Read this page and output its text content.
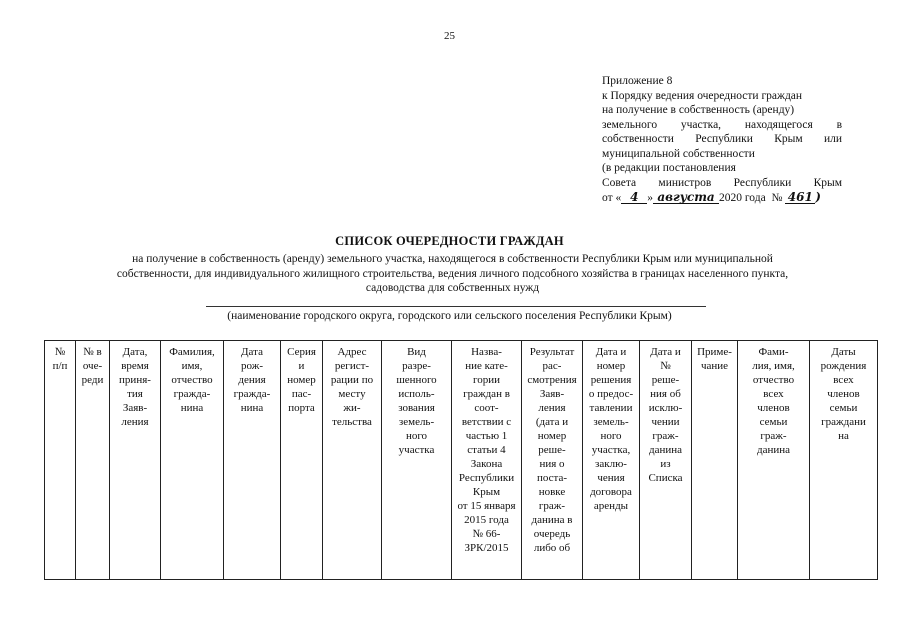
25
Приложение 8
к Порядку ведения очередности граждан
на получение в собственность (аренду)
земельного участка, находящегося в
собственности Республики Крым или
муниципальной собственности
(в редакции постановления
Совета министров Республики Крым
от « 4 » августа 2020 года № 461 )
СПИСОК ОЧЕРЕДНОСТИ ГРАЖДАН
на получение в собственность (аренду) земельного участка, находящегося в собственности Республики Крым или муниципальной
собственности, для индивидуального жилищного строительства, ведения личного подсобного хозяйства в границах населенного пункта,
садоводства для собственных нужд
(наименование городского округа, городского или сельского поселения Республики Крым)
№
п/п

№ в
оче-
реди

Дата,
время
приня-
тия
Заяв-
ления

Фамилия,
имя,
отчество
гражда-
нина

Дата
рож-
дения
гражда-
нина

Серия
и
номер
пас-
порта

Адрес
регист-
рации по
месту
жи-
тельства

Вид
разре-
шенного
исполь-
зования
земель-
ного
участка

Назва-
ние кате-
гории
граждан в
соот-
ветствии с
частью 1
статьи 4
Закона
Республики
Крым
от 15 января
2015 года
№ 66-
ЗРК/2015

Результат
рас-
смотрения
Заяв-
ления
(дата и
номер
реше-
ния о
поста-
новке
граж-
данина в
очередь
либо об

Дата и
номер
решения
о предос-
тавлении
земель-
ного
участка,
заклю-
чения
договора
аренды

Дата и
№
реше-
ния об
исклю-
чении
граж-
данина
из
Списка

Приме-
чание

Фами-
лия, имя,
отчество
всех
членов
семьи
граж-
данина

Даты
рождения
всех
членов
семьи
граждани
на
